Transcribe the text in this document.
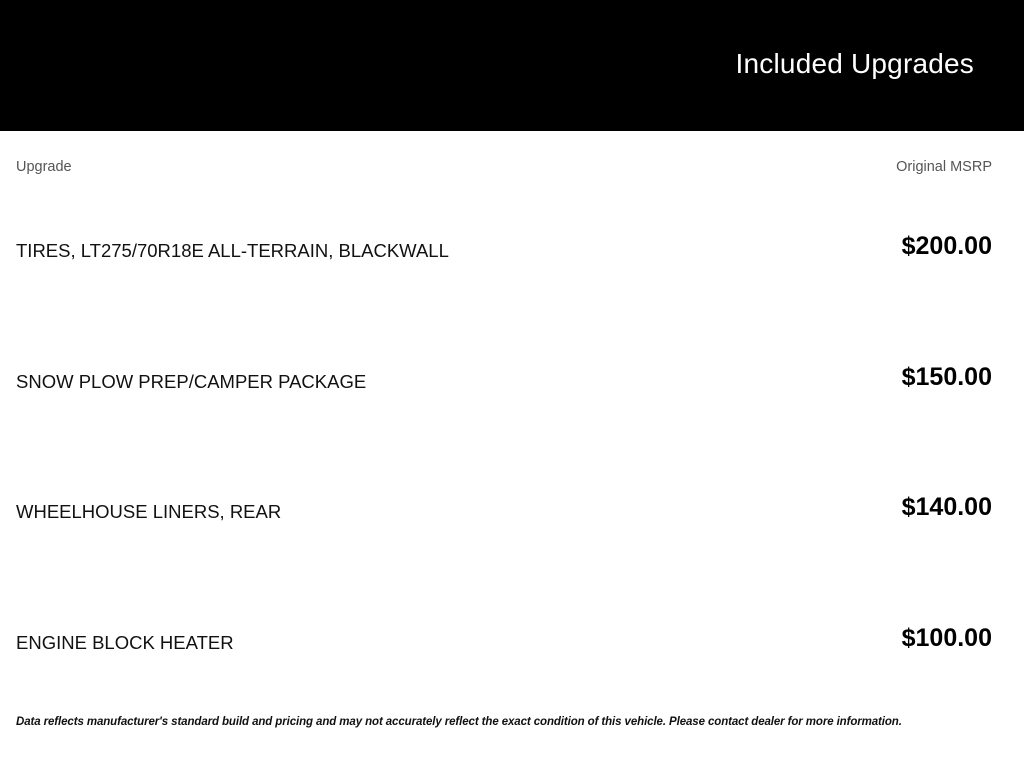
Included Upgrades
Upgrade	Original MSRP
TIRES, LT275/70R18E ALL-TERRAIN, BLACKWALL	$200.00
SNOW PLOW PREP/CAMPER PACKAGE	$150.00
WHEELHOUSE LINERS, REAR	$140.00
ENGINE BLOCK HEATER	$100.00
Data reflects manufacturer's standard build and pricing and may not accurately reflect the exact condition of this vehicle. Please contact dealer for more information.
